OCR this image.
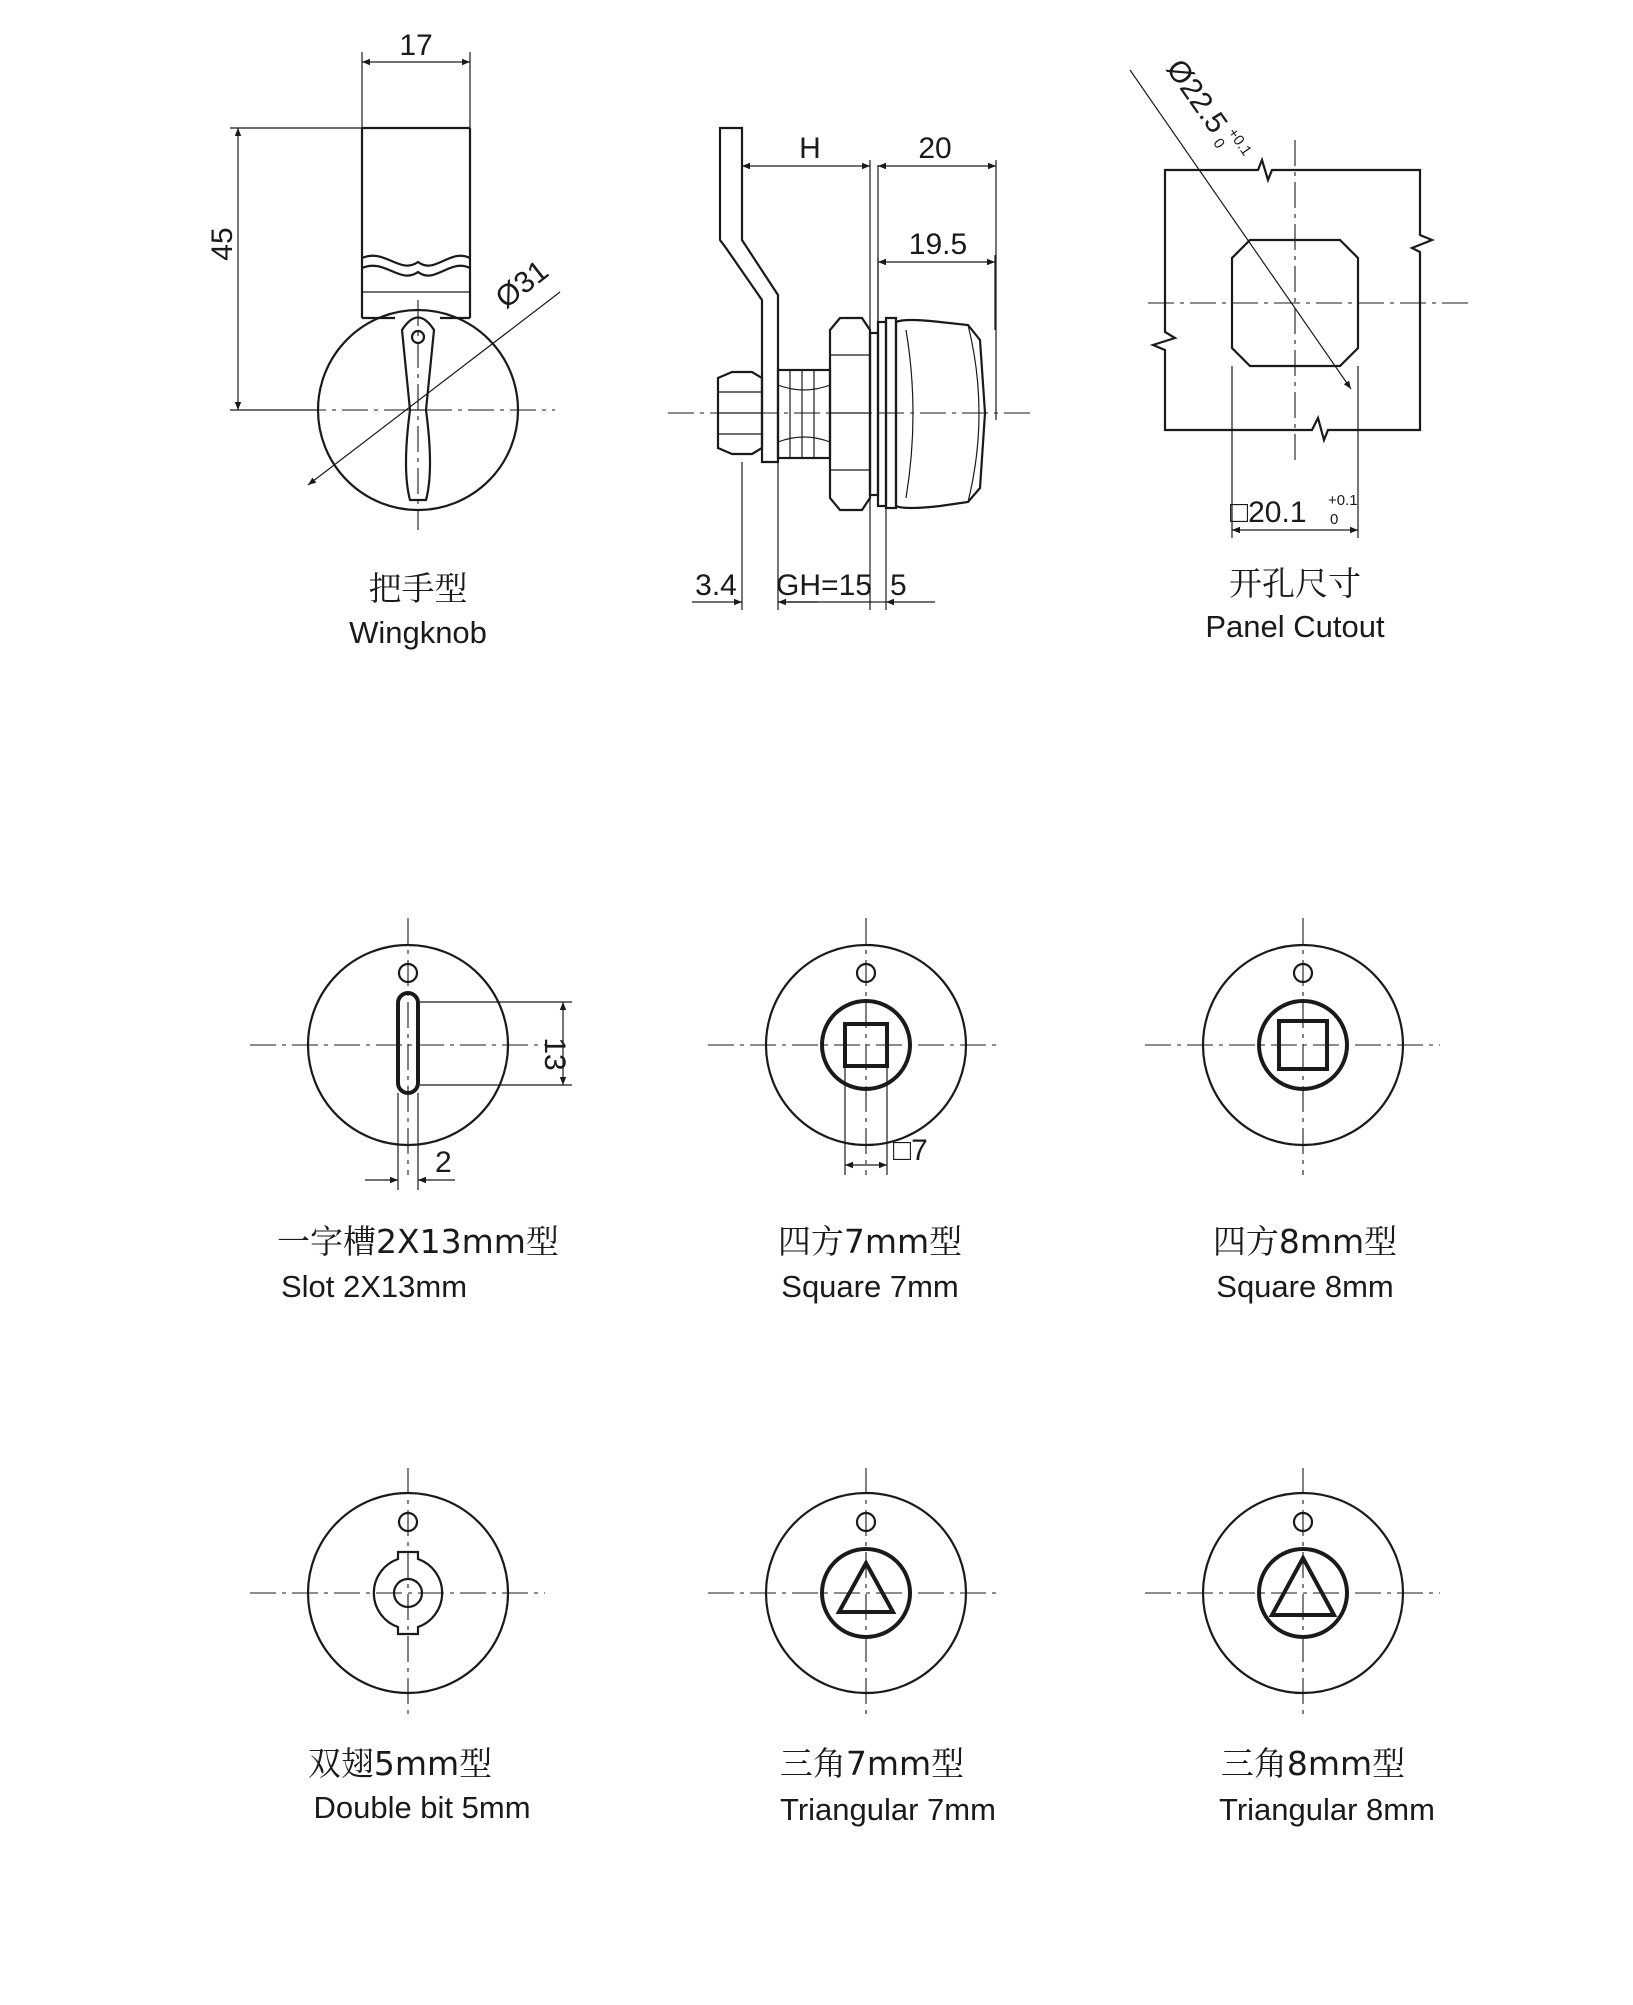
17
45
Ø31
把手型
Wingknob
H	20
19.5
3.4 GH=15 5
Ø22.5
+0.1
0
□20.1 +0.1
0
开孔尺寸
Panel Cutout
13
2
一字槽2X13mm型
Slot 2X13mm
□7
四方7mm型
Square 7mm
四方8mm型
Square 8mm
双翅5mm型
Double bit 5mm
三角7mm型
Triangular 7mm
三角8mm型
Triangular 8mm
